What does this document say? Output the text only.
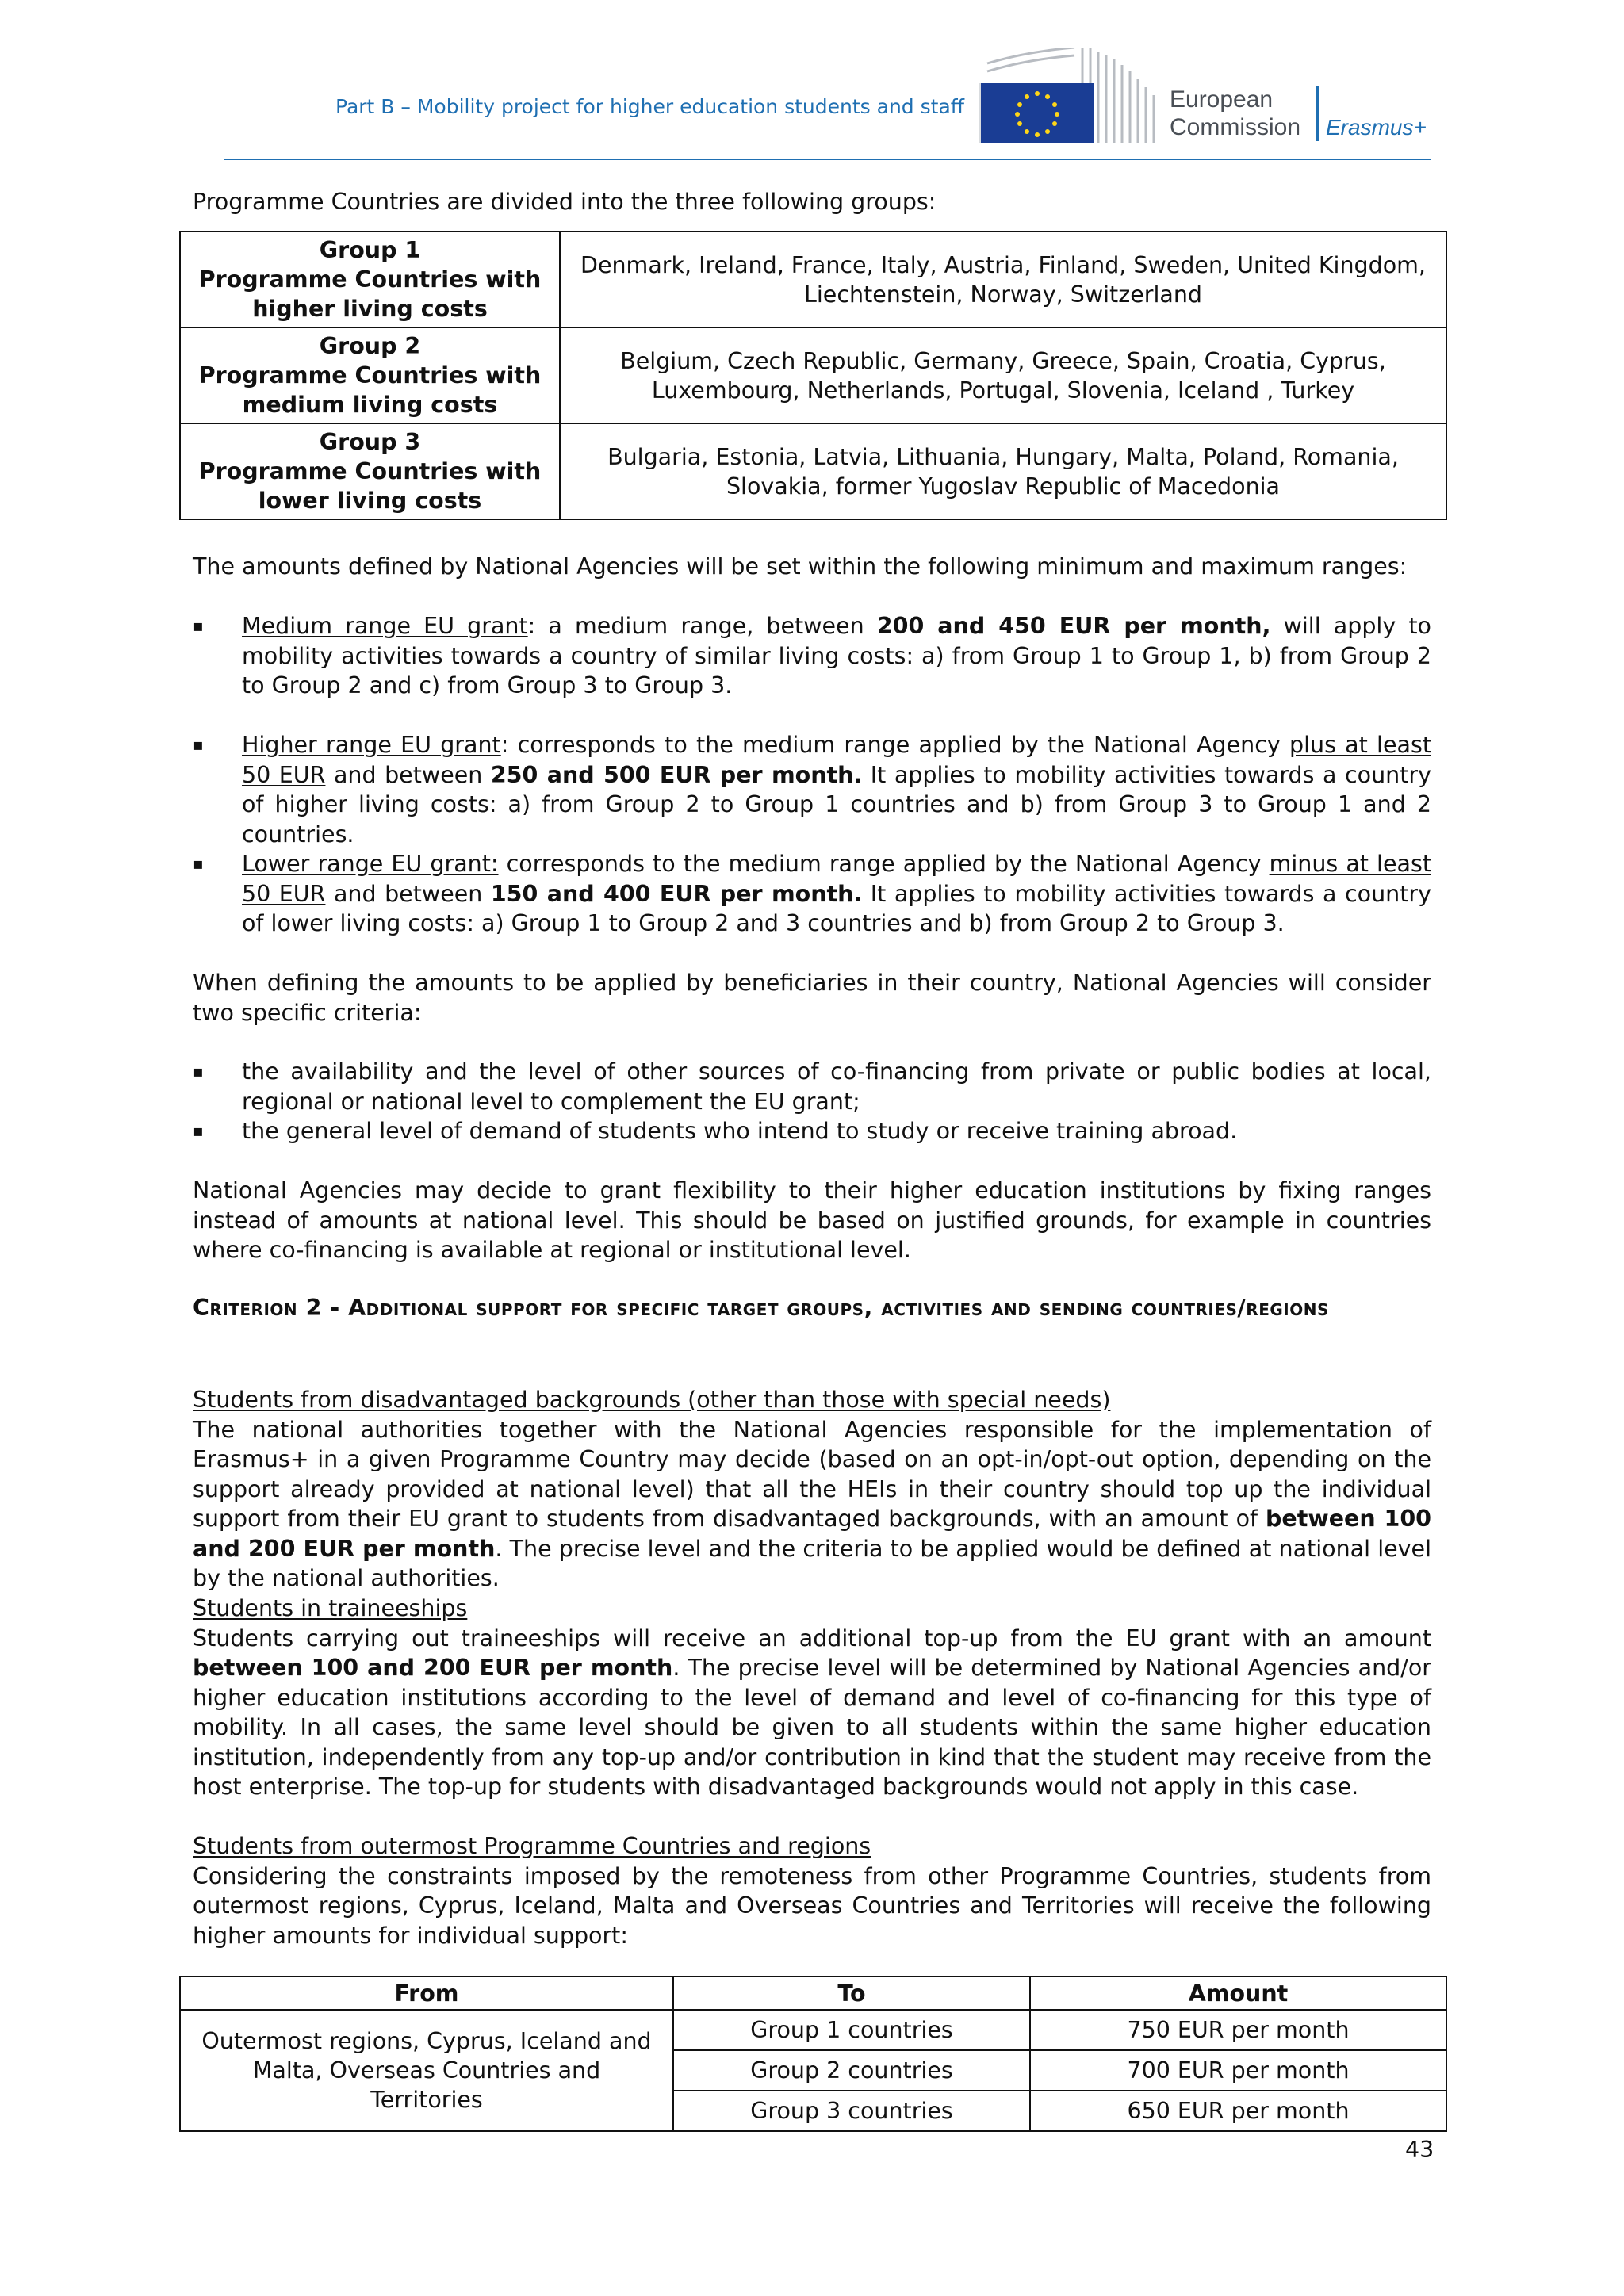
Part B – Mobility project for higher education students and staff	European
Commission Erasmus+
Programme Countries are divided into the three following groups:
Group 1
Programme Countries with
higher living costs	Denmark, Ireland, France, Italy, Austria, Finland, Sweden, United Kingdom, Liechtenstein, Norway, Switzerland

Group 2
Programme Countries with
medium living costs	Belgium, Czech Republic, Germany, Greece, Spain, Croatia, Cyprus, Luxembourg, Netherlands, Portugal, Slovenia, Iceland , Turkey

Group 3
Programme Countries with
lower living costs	Bulgaria, Estonia, Latvia, Lithuania, Hungary, Malta, Poland, Romania, Slovakia, former Yugoslav Republic of Macedonia
The amounts defined by National Agencies will be set within the following minimum and maximum ranges:
▪	Medium range EU grant: a medium range, between 200 and 450 EUR per month, will apply to mobility activities towards a country of similar living costs: a) from Group 1 to Group 1, b) from Group 2 to Group 2 and c) from Group 3 to Group 3.
▪	Higher range EU grant: corresponds to the medium range applied by the National Agency plus at least 50 EUR and between 250 and 500 EUR per month. It applies to mobility activities towards a country of higher living costs: a) from Group 2 to Group 1 countries and b) from Group 3 to Group 1 and 2 countries.
▪	Lower range EU grant: corresponds to the medium range applied by the National Agency minus at least 50 EUR and between 150 and 400 EUR per month. It applies to mobility activities towards a country of lower living costs: a) Group 1 to Group 2 and 3 countries and b) from Group 2 to Group 3.
When defining the amounts to be applied by beneficiaries in their country, National Agencies will consider two specific criteria:
▪	the availability and the level of other sources of co-financing from private or public bodies at local, regional or national level to complement the EU grant;
▪	the general level of demand of students who intend to study or receive training abroad.
National Agencies may decide to grant flexibility to their higher education institutions by fixing ranges instead of amounts at national level. This should be based on justified grounds, for example in countries where co-financing is available at regional or institutional level.
Criterion 2 - Additional support for specific target groups, activities and sending countries/regions
Students from disadvantaged backgrounds (other than those with special needs)
The national authorities together with the National Agencies responsible for the implementation of Erasmus+ in a given Programme Country may decide (based on an opt-in/opt-out option, depending on the support already provided at national level) that all the HEIs in their country should top up the individual support from their EU grant to students from disadvantaged backgrounds, with an amount of between 100 and 200 EUR per month. The precise level and the criteria to be applied would be defined at national level by the national authorities.
Students in traineeships
Students carrying out traineeships will receive an additional top-up from the EU grant with an amount between 100 and 200 EUR per month. The precise level will be determined by National Agencies and/or higher education institutions according to the level of demand and level of co-financing for this type of mobility. In all cases, the same level should be given to all students within the same higher education institution, independently from any top-up and/or contribution in kind that the student may receive from the host enterprise. The top-up for students with disadvantaged backgrounds would not apply in this case.
Students from outermost Programme Countries and regions
Considering the constraints imposed by the remoteness from other Programme Countries, students from outermost regions, Cyprus, Iceland, Malta and Overseas Countries and Territories will receive the following higher amounts for individual support:
From	To	Amount
Outermost regions, Cyprus, Iceland and Malta, Overseas Countries and Territories	Group 1 countries	750 EUR per month
	Group 2 countries	700 EUR per month
	Group 3 countries	650 EUR per month
43
